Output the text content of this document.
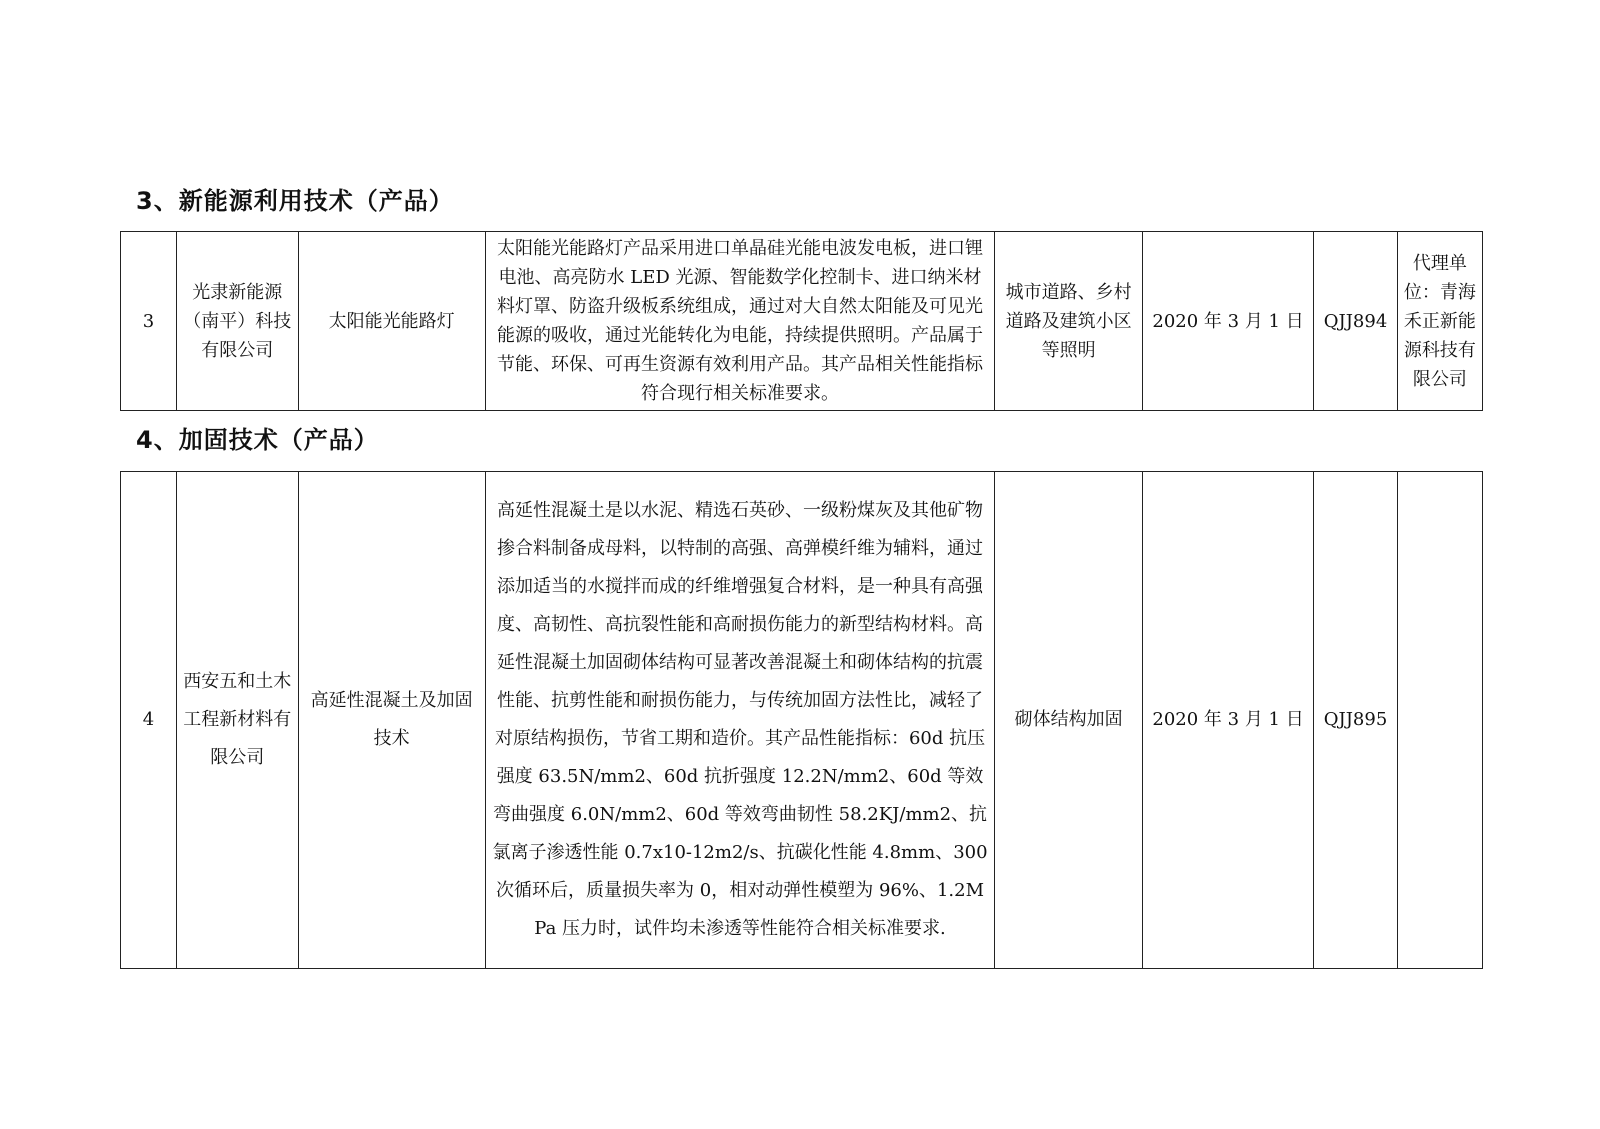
3、新能源利用技术（产品）
3	光隶新能源（南平）科技有限公司	太阳能光能路灯	太阳能光能路灯产品采用进口单晶硅光能电波发电板，进口锂电池、高亮防水 LED 光源、智能数学化控制卡、进口纳米材料灯罩、防盗升级板系统组成，通过对大自然太阳能及可见光能源的吸收，通过光能转化为电能，持续提供照明。产品属于节能、环保、可再生资源有效利用产品。其产品相关性能指标符合现行相关标准要求。	城市道路、乡村道路及建筑小区等照明	2020 年 3 月 1 日	QJJ894	代理单位：青海禾正新能源科技有限公司
4、加固技术（产品）
4	西安五和土木工程新材料有限公司	高延性混凝土及加固技术	高延性混凝土是以水泥、精选石英砂、一级粉煤灰及其他矿物掺合料制备成母料，以特制的高强、高弹模纤维为辅料，通过添加适当的水搅拌而成的纤维增强复合材料，是一种具有高强度、高韧性、高抗裂性能和高耐损伤能力的新型结构材料。高延性混凝土加固砌体结构可显著改善混凝土和砌体结构的抗震性能、抗剪性能和耐损伤能力，与传统加固方法性比，减轻了对原结构损伤，节省工期和造价。其产品性能指标：60d 抗压强度 63.5N/mm2、60d 抗折强度 12.2N/mm2、60d 等效弯曲强度 6.0N/mm2、60d 等效弯曲韧性 58.2KJ/mm2、抗氯离子渗透性能 0.7x10-12m2/s、抗碳化性能 4.8mm、300 次循环后，质量损失率为 0，相对动弹性模塑为 96%、1.2MPa 压力时，试件均未渗透等性能符合相关标准要求.	砌体结构加固	2020 年 3 月 1 日	QJJ895	
